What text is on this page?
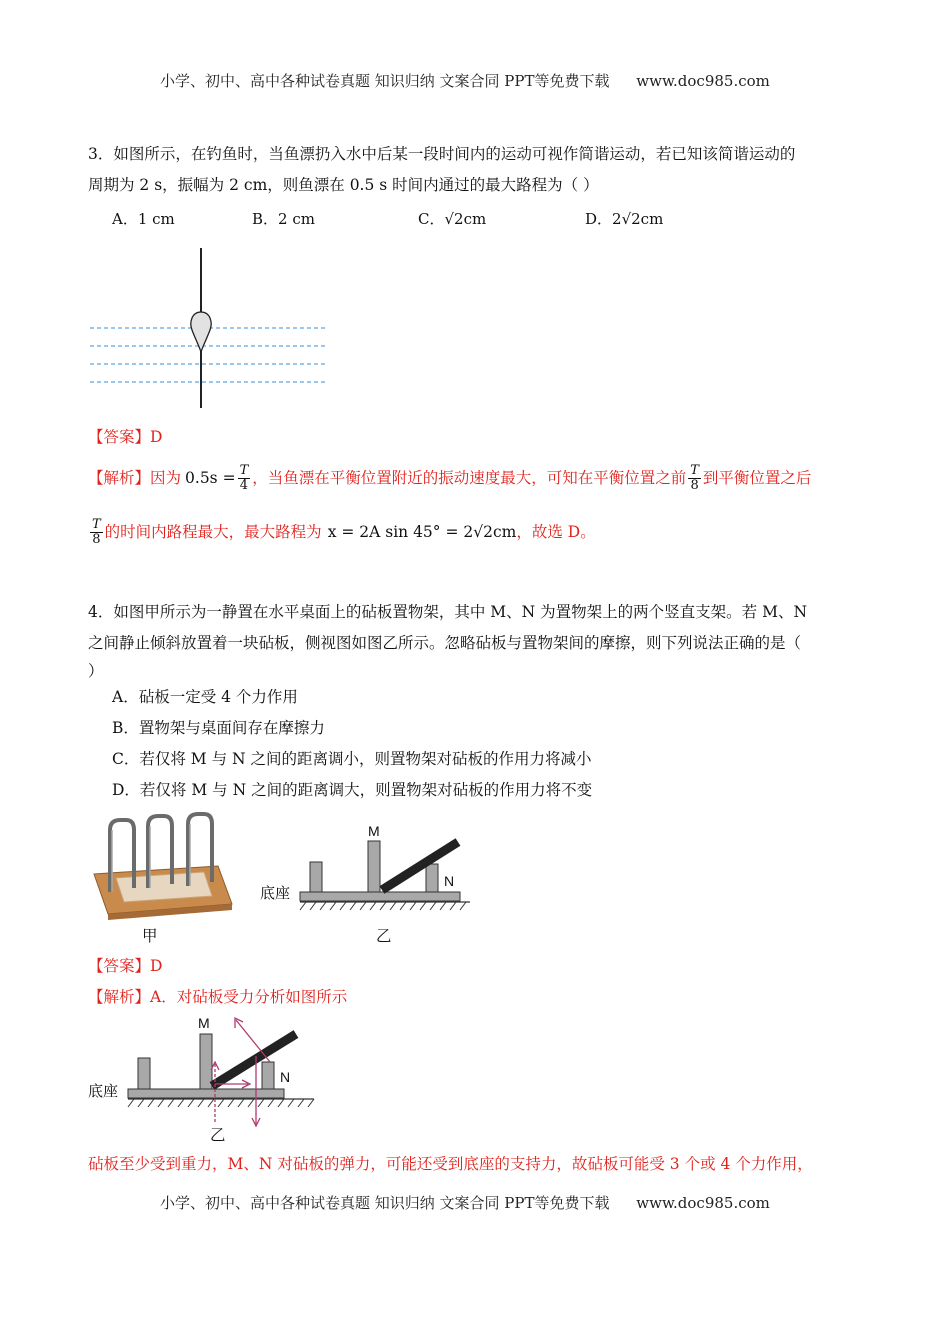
小学、初中、高中各种试卷真题 知识归纳 文案合同 PPT等免费下载 www.doc985.com
3．如图所示，在钓鱼时，当鱼漂扔入水中后某一段时间内的运动可视作简谐运动，若已知该简谐运动的
周期为 2 s，振幅为 2 cm，则鱼漂在 0.5 s 时间内通过的最大路程为（ ）
A．1 cm	B．2 cm	C．√2cm	D．2√2cm
【答案】D
【解析】 因为 $0.5s = \frac{T}{4}$ ，当鱼漂在平衡位置附近的振动速度最大，可知在平衡位置之前 $\frac{T}{8}$ 到平衡位置之后
$\frac{T}{8}$ 的时间内路程最大，最大路程为 x = 2A sin 45° = 2√2cm ，故选 D。
4．如图甲所示为一静置在水平桌面上的砧板置物架，其中 M、N 为置物架上的两个竖直支架。若 M、N
之间静止倾斜放置着一块砧板，侧视图如图乙所示。忽略砧板与置物架间的摩擦，则下列说法正确的是（
）
A．砧板一定受 4 个力作用
B．置物架与桌面间存在摩擦力
C．若仅将 M 与 N 之间的距离调小，则置物架对砧板的作用力将减小
D．若仅将 M 与 N 之间的距离调大，则置物架对砧板的作用力将不变
甲
M
N
底座
乙
【答案】D
【解析】A．对砧板受力分析如图所示
M
N
底座
乙
砧板至少受到重力，M、N 对砧板的弹力，可能还受到底座的支持力，故砧板可能受 3 个或 4 个力作用，
小学、初中、高中各种试卷真题 知识归纳 文案合同 PPT等免费下载 www.doc985.com
